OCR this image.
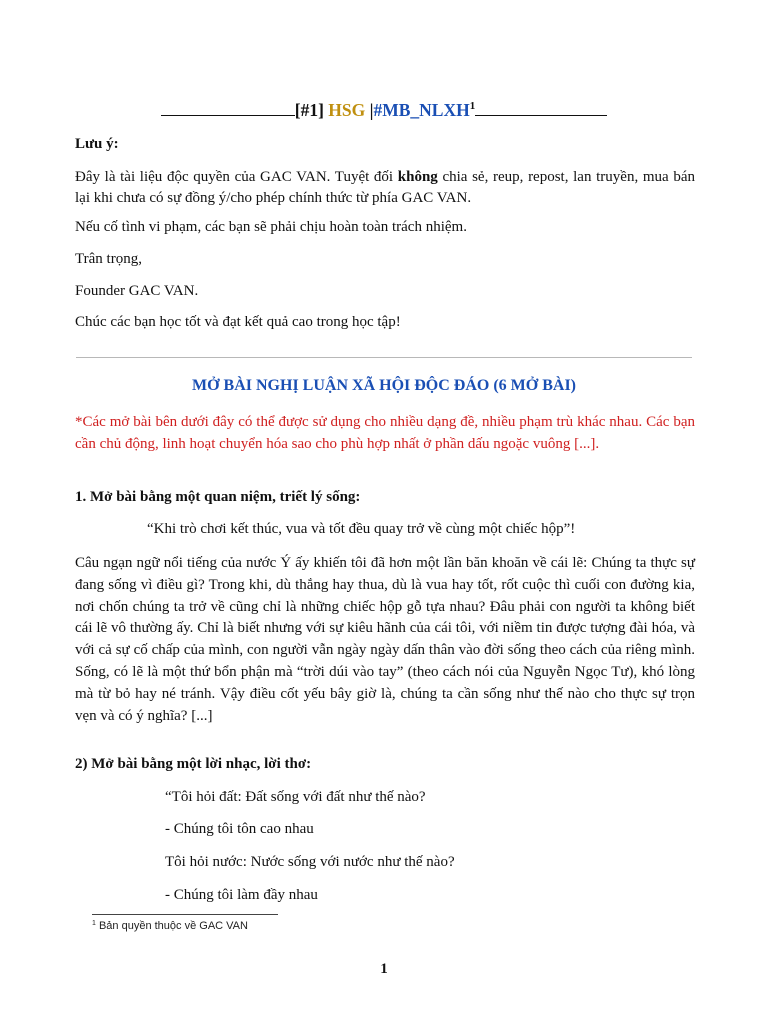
[#1] HSG |#MB_NLXH$^1$
Lưu ý:
Đây là tài liệu độc quyền của GAC VAN. Tuyệt đối không chia sẻ, reup, repost, lan truyền, mua bán lại khi chưa có sự đồng ý/cho phép chính thức từ phía GAC VAN.
Nếu cố tình vi phạm, các bạn sẽ phải chịu hoàn toàn trách nhiệm.
Trân trọng,
Founder GAC VAN.
Chúc các bạn học tốt và đạt kết quả cao trong học tập!
MỞ BÀI NGHỊ LUẬN XÃ HỘI ĐỘC ĐÁO (6 MỞ BÀI)
*Các mở bài bên dưới đây có thể được sử dụng cho nhiều dạng đề, nhiều phạm trù khác nhau. Các bạn cần chủ động, linh hoạt chuyển hóa sao cho phù hợp nhất ở phần dấu ngoặc vuông [...].
1. Mở bài bằng một quan niệm, triết lý sống:
“Khi trò chơi kết thúc, vua và tốt đều quay trở về cùng một chiếc hộp”!
Câu ngạn ngữ nổi tiếng của nước Ý ấy khiến tôi đã hơn một lần băn khoăn về cái lẽ: Chúng ta thực sự đang sống vì điều gì? Trong khi, dù thắng hay thua, dù là vua hay tốt, rốt cuộc thì cuối con đường kia, nơi chốn chúng ta trở về cũng chỉ là những chiếc hộp gỗ tựa nhau? Đâu phải con người ta không biết cái lẽ vô thường ấy. Chỉ là biết nhưng với sự kiêu hãnh của cái tôi, với niềm tin được tượng đài hóa, và với cả sự cố chấp của mình, con người vẫn ngày ngày dấn thân vào đời sống theo cách của riêng mình. Sống, có lẽ là một thứ bổn phận mà “trời dúi vào tay” (theo cách nói của Nguyễn Ngọc Tư), khó lòng mà từ bỏ hay né tránh. Vậy điều cốt yếu bây giờ là, chúng ta cần sống như thế nào cho thực sự trọn vẹn và có ý nghĩa? [...]
2) Mở bài bằng một lời nhạc, lời thơ:
“Tôi hỏi đất: Đất sống với đất như thế nào?
- Chúng tôi tôn cao nhau
Tôi hỏi nước: Nước sống với nước như thế nào?
- Chúng tôi làm đầy nhau
$^1$ Bản quyền thuộc về GAC VAN
1
